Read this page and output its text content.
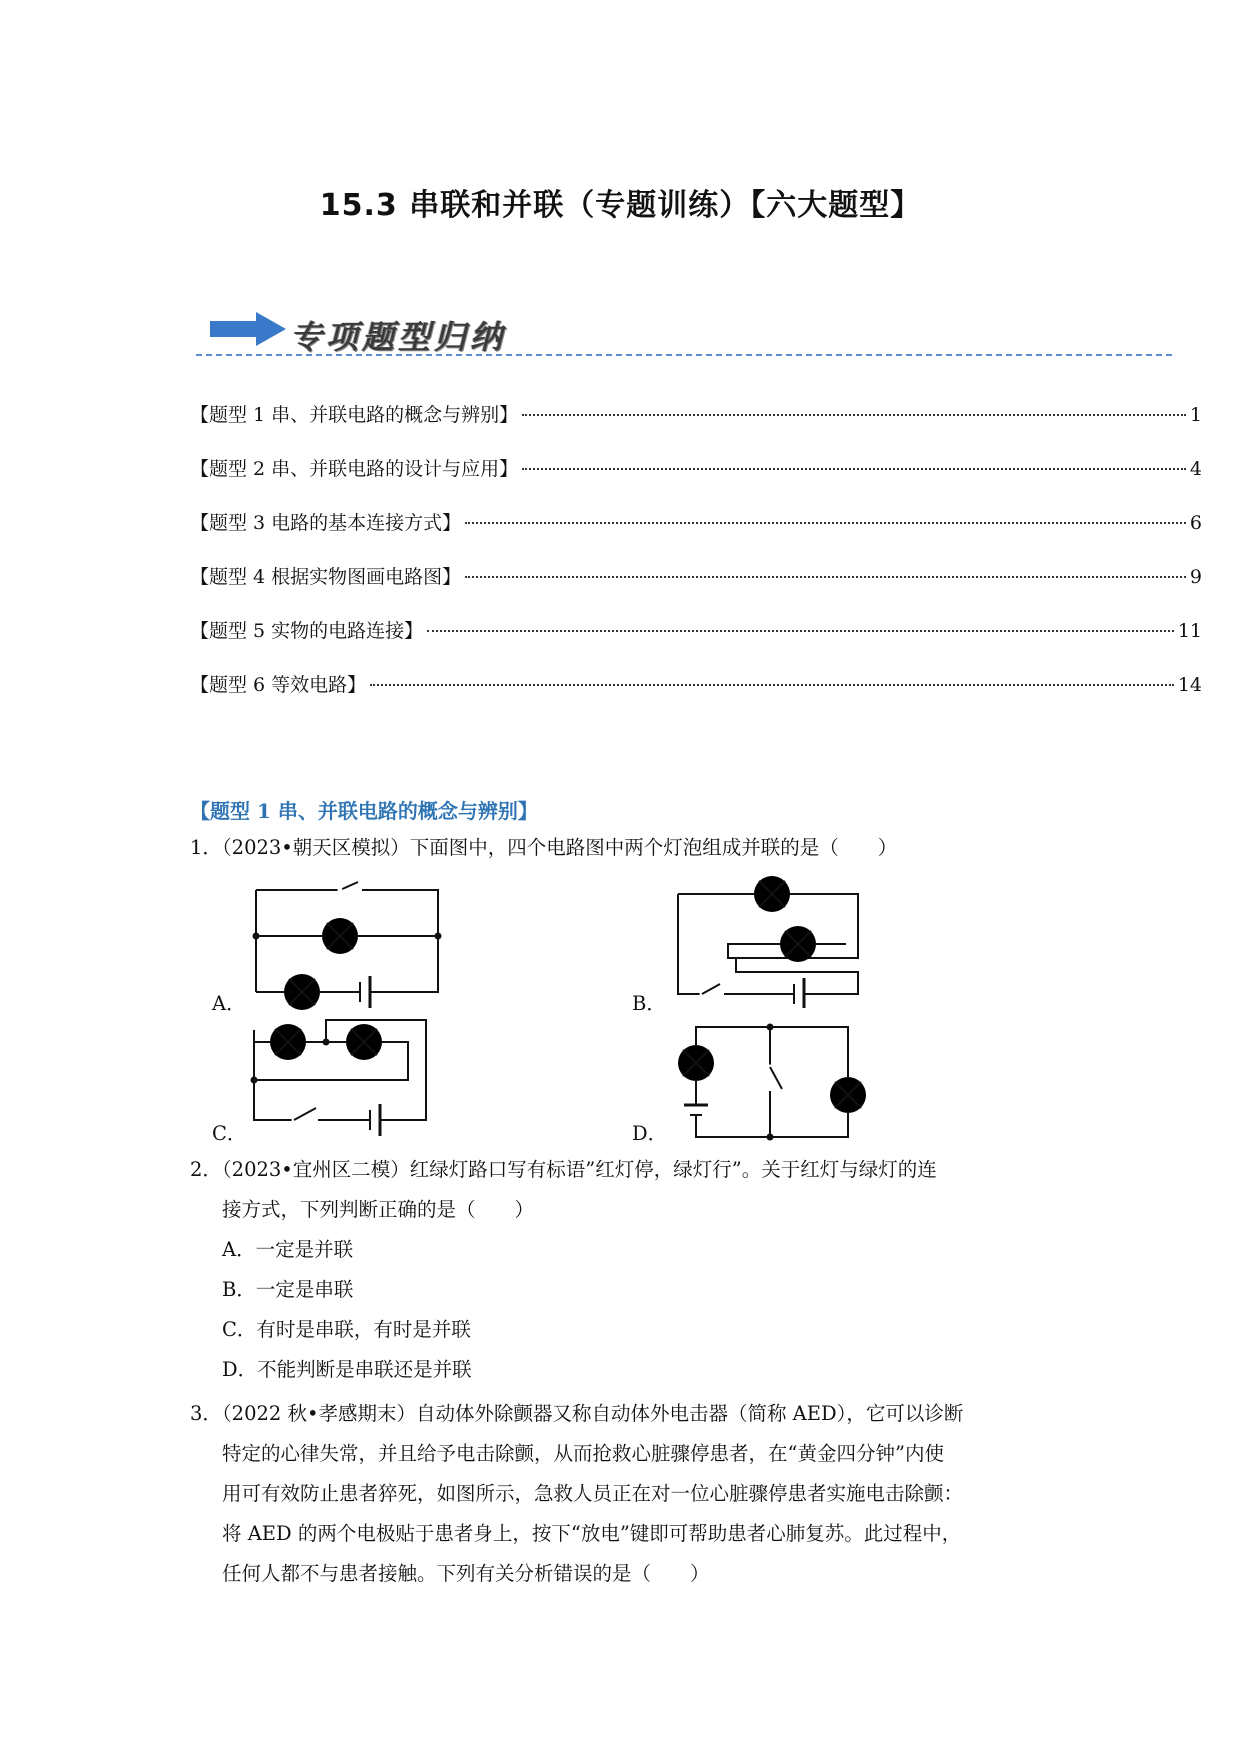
15.3 串联和并联（专题训练）【六大题型】
专项题型归纳
【题型 1 串、并联电路的概念与辨别】	1
【题型 2 串、并联电路的设计与应用】	4
【题型 3 电路的基本连接方式】	6
【题型 4 根据实物图画电路图】	9
【题型 5 实物的电路连接】	11
【题型 6 等效电路】	14
【题型 1 串、并联电路的概念与辨别】
1．（2023•朝天区模拟）下面图中，四个电路图中两个灯泡组成并联的是（　　）
A．	B．
C．	D．
2．（2023•宜州区二模）红绿灯路口写有标语”红灯停，绿灯行”。关于红灯与绿灯的连
接方式，下列判断正确的是（　　）
A．一定是并联
B．一定是串联
C．有时是串联，有时是并联
D．不能判断是串联还是并联
3．（2022 秋•孝感期末）自动体外除颤器又称自动体外电击器（简称 AED），它可以诊断
特定的心律失常，并且给予电击除颤，从而抢救心脏骤停患者，在“黄金四分钟”内使
用可有效防止患者猝死，如图所示，急救人员正在对一位心脏骤停患者实施电击除颤：
将 AED 的两个电极贴于患者身上，按下“放电”键即可帮助患者心肺复苏。此过程中，
任何人都不与患者接触。下列有关分析错误的是（　　）
